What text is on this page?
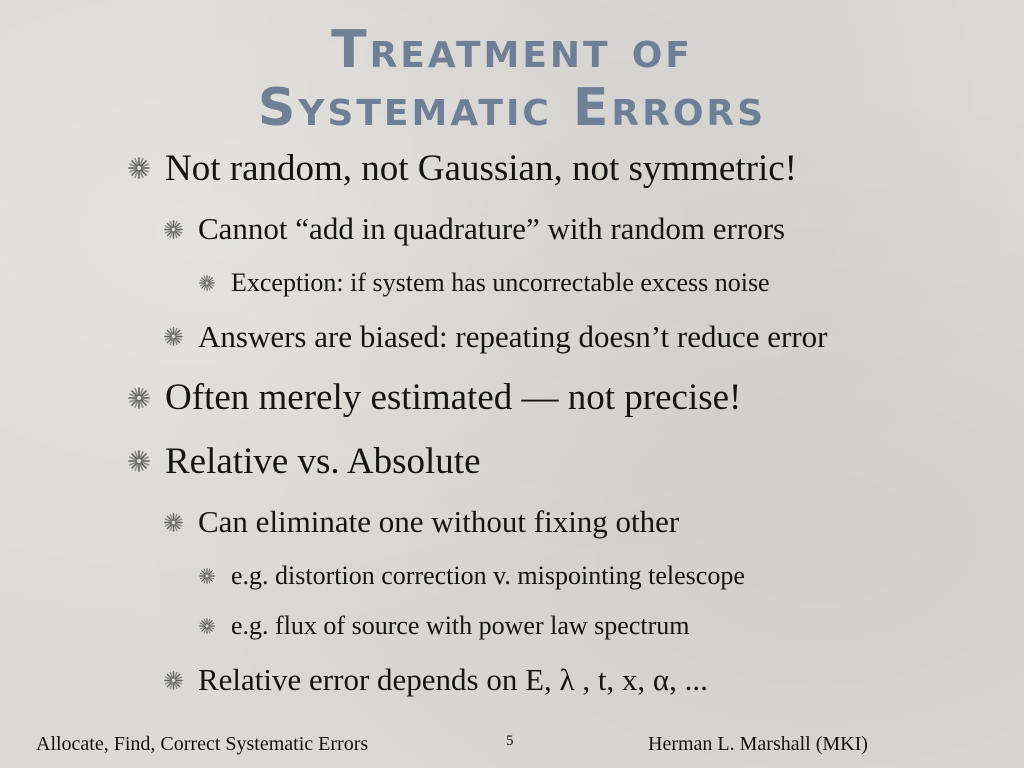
Treatment of
Systematic Errors
Not random, not Gaussian, not symmetric!
Cannot “add in quadrature” with random errors
Exception: if system has uncorrectable excess noise
Answers are biased: repeating doesn’t reduce error
Often merely estimated — not precise!
Relative vs. Absolute
Can eliminate one without fixing other
e.g. distortion correction v. mispointing telescope
e.g. flux of source with power law spectrum
Relative error depends on E, λ , t, x, α, ...
Allocate, Find, Correct Systematic Errors	5	Herman L. Marshall (MKI)
